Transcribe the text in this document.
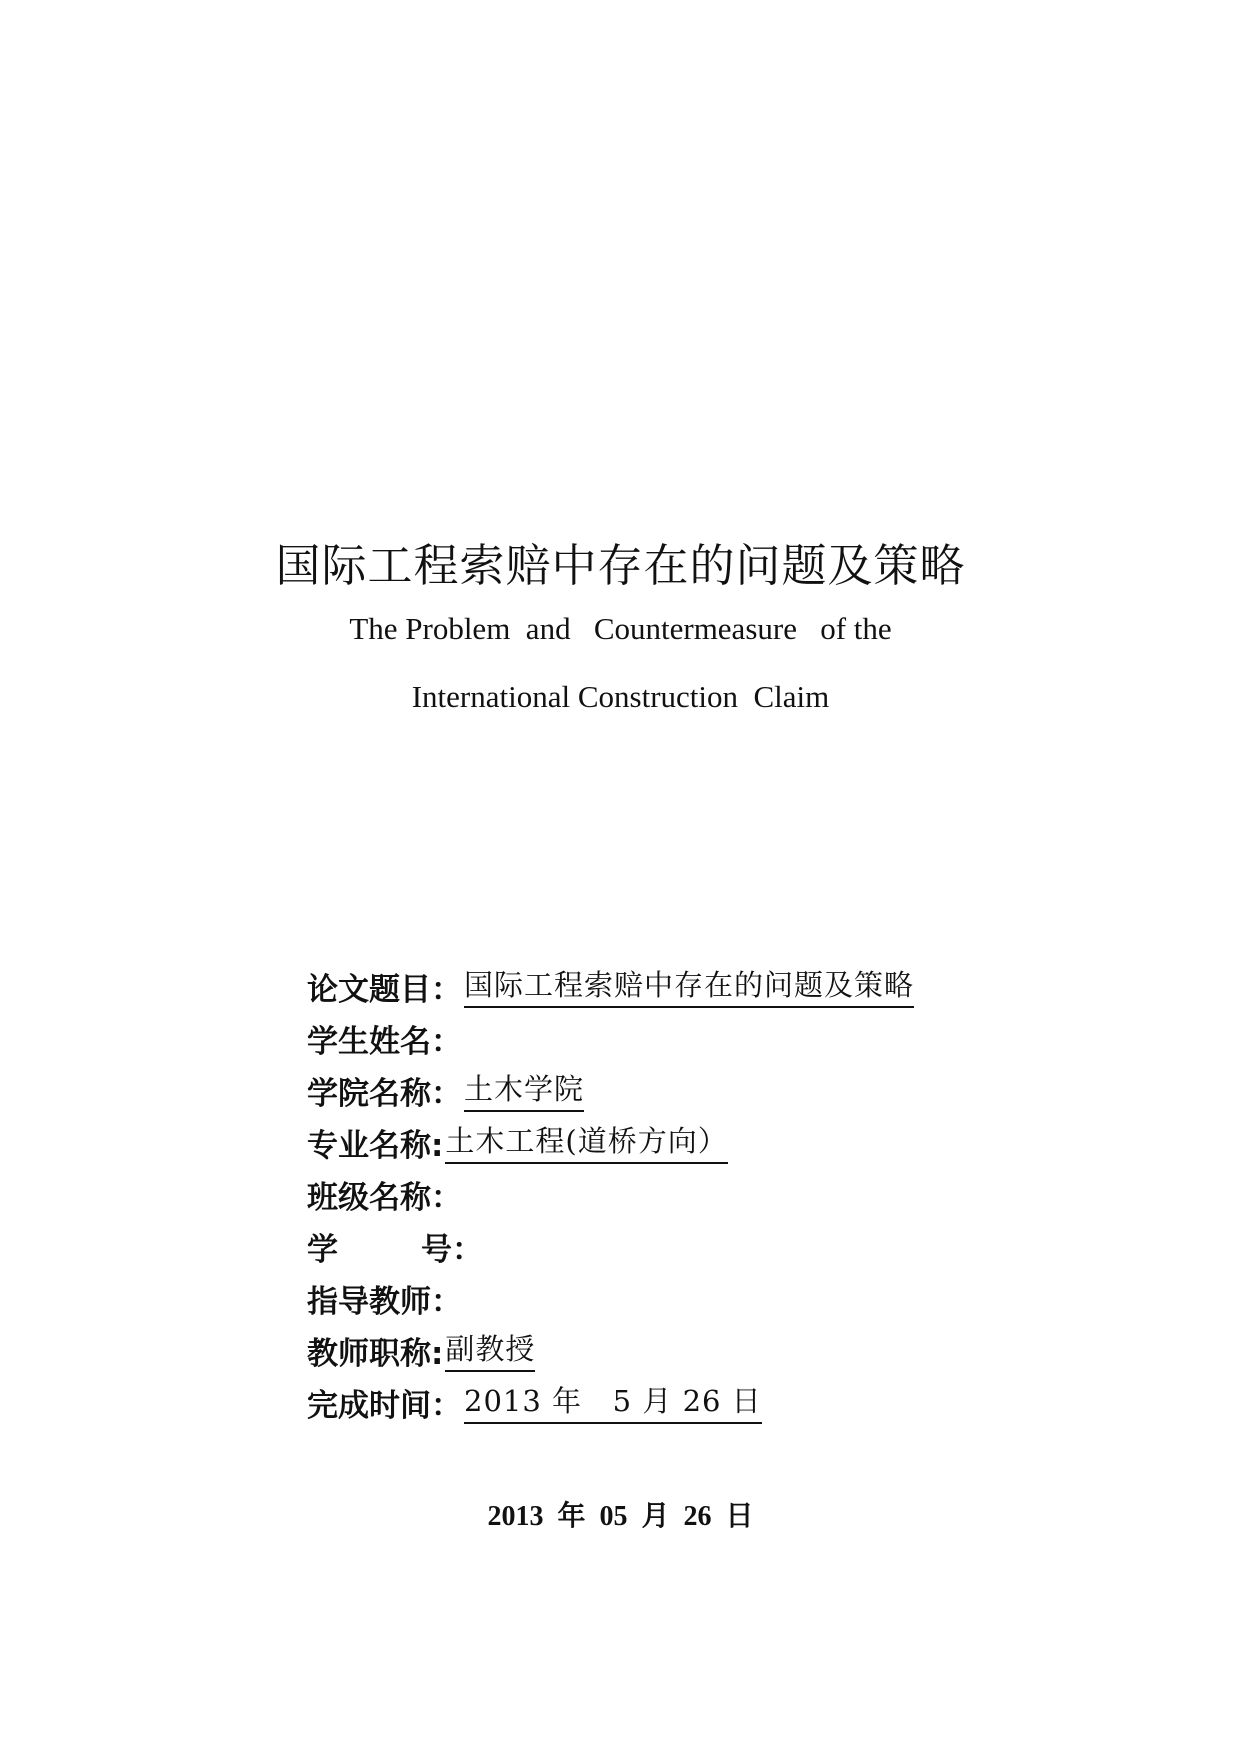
国际工程索赔中存在的问题及策略
The Problem  and   Countermeasure   of the
International Construction  Claim
论文题目 ： 国际工程索赔中存在的问题及策略
学生姓名 ：
学院名称 ： 土木学院
专业名称 : 土木工程(道桥方向）
班级名称 ：
学	号 ：
指导教师 ：
教师职称 : 副教授
完成时间 ： 2013 年   5 月 26 日
2013  年  05  月  26  日
